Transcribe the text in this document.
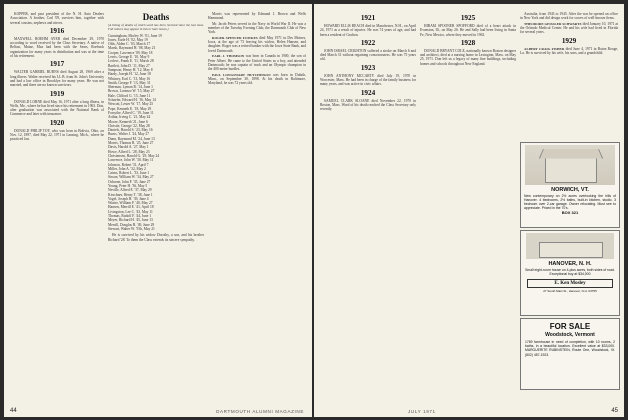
KOPPER, and past president of the N. H. Auto Dealers Association. A brother, Carl '09, survives him, together with several cousins, nephews and nieces.

1916

MAXWELL BOEHM AYER died December 29, 1970 according to word received by the Class Secretary. A native of Belfast, Maine, Max had been with the Sears, Roebuck organization for many years in distribution and was at the time of his retirement.

1917

WALTER GABRIEL BURNS died August 28, 1969 after a long illness. Walter received his LL.B. from St. John's University and had a law office in Brooklyn for many years. He was not married, and there are no known survivors.

1919

DONALD LORNE died May 16, 1971 after a long illness, in Wells, Me., where he has lived since his retirement in 1963. Don, after graduation was associated with the National Bank of Commerce and later with insurance.

1920

DONALD PHILIP TOY, who was born in Bolivia, Ohio, on Nov. 12, 1897, died May 22, 1971 in Lansing, Mich., where he practiced law.

Deaths
[A listing of deaths of which word has been received since the last issue. Full notices may appear in this or later issues.]
Cunningham, Morley W. '01, June 19
Jones, Earle H. '02, May 19
Olds, Alden C. '03, March 17
Marsh, Raymond H. '08, May 21
Cooper, Lawrence '09, May 18
Lewis, George E. '10, May 9
Leclerc, Frank E. '11, March 28
Bartlett, John D. '11, May 27
Sampson, Henry H. '12, May 8
Hardy, Joseph H. '12, June 18
Whitney, Earl C. '13, May 16
Smith, George F. '13, May 31
Sherman, Lyman R. '14, June 1
Brown, Lorenzo W. '15, May 27
Hale, Clifford G. '15, June 11
Schaefer, Edward H. '16, May 14
Wescott, Lester W. '17, May 25
Pope, Kenneth E. '18, May 29
Forsythe, Alfred C. '19, June 11
Arthur, Irving C. '21, May 24
Moore, Kenneth '21, June 6
Christie, George '22, May 28
Daniels, Harold S. '23, May 16
Burns, Walter J. '24, May 27
Dunn, Raymond M. '24, June 13
Morris, Thomas R. '25, June 27
Davis, Harold A. '27, May 1
Howe, Alfred L. '28, May 23
Christensen, Harold G. '29, May 24
Lawrence, John W. '30, May 11
Johnson, Robert '31, April 7
Miller, John A. '32, May 2
Cairns, Robert L. '33, June 1
Sisson, William W. '34, May 27
Osborne, John F. '35, June 27
Young, Peter H. '36, May 5
Neville, Alfred E. '37, May 29
Kirschner, Henry T. '38, June 1
Vogel, Joseph H. '39, June 4
Winter, William F. '40, May 27
Hansen, Merrill E. '41, April 18
Livingston, Lee C. '43, May 11
Thomas, Rudolf F. '44, June 1
Meyer, Richard H. '45, June 13
Merrill, Douglas B. '49, June 29
Stewart, Walter W. '55h, May 21

He is survived by his widow Dorothy, a son, and his brother Richard '28. To them the Class extends its sincere sympathy.

Morris was represented by Edmund J. Brown and Wells Hammond.

Mr. Jacob Peters served in the Navy in World War II. He was a member of the Tuesday Evening Club, the Dartmouth Club of New York.

ROGER SPENCER FOWKES died May 1971 in Des Moines, Iowa, at the age of 73 leaving his widow, Helen Hansen, and daughter. Roger was a retired banker with the Iowa State Bank, and loved Dartmouth.

EARL J. THOMSON was born in Canada in 1900, the son of Peter Albert. He came to the United States as a boy, and attended Dartmouth; he was captain of track and an Olympic champion in the 400 meter hurdles.

PAUL LONGSWART HUTCHINSON was born in Duluth, Minn., on September 30, 1898. At his death in Baltimore, Maryland, he was 72 years old.

44	DARTMOUTH ALUMNI MAGAZINE
1921

HOWARD ELLIS BEACH died in Manchester, N.H., on April 24, 1971 as a result of injuries. He was 74 years of age, and had been a resident of Grafton.

1922

JOHN ISRAEL CRIGHTON suffered a stroke on March 6 and died March 31 without regaining consciousness. He was 75 years old.

1923

JOHN ANTHONY MCCARTY died July 19, 1970 in Worcester, Mass. He had been in charge of the family business for many years, and was active in civic affairs.

1924

SAMUEL CLARK SLOANE died November 22, 1970 in Boston, Mass. Word of his death reached the Class Secretary only recently.

1925

HIRAM SPOONER SPOFFORD died of a heart attack in Evanston, Ill., on May 26. He and Sally had been living in Santa Fe, New Mexico, where they moved in 1963.

1928

DONALD BRYANT COLE, nationally known Boston designer and architect, died at a nursing home in Lexington, Mass. on May 25, 1971. Don left us a legacy of many fine buildings, including homes and schools throughout New England.

Australia, from 1943 to 1945. After the war he opened an office in New York and did design work for scores of well-known firms.

THEODORE GEISSLER SCHWARTZ died January 10, 1971 at the Orlando Medical Center. He and his wife had lived in Florida for several years.

1929

ALBERT CRAIG FISHER died June 4, 1971 in Baton Rouge, La. He is survived by his wife, his sons, and a grandchild.

NORWICH, VT.
New contemporary on 2½ acres overlooking the hills of Hanover. 4 bedrooms, 2½ baths, built-in kitchen, studio. 3 bedroom over 2-car garage. Owner relocating. Must see to appreciate. Priced in the 70's.
BOX 321
HANOVER, N. H.
Small eight-room house on 4-plus acres, both sides of road. Exceptional buy at $34,000
E. Ken Mosley
27 South Main St., Hanover, N.H. 03755
FOR SALE
Woodstock, Vermont
1769 farmhouse in need of completion, with 10 rooms, 2 baths, in a beautiful location. Excellent value at $33,000. MARGUERITE RUBINSTEIN, Route One, Woodstock, Vt. (802) 457-1923.
JULY 1971	45
